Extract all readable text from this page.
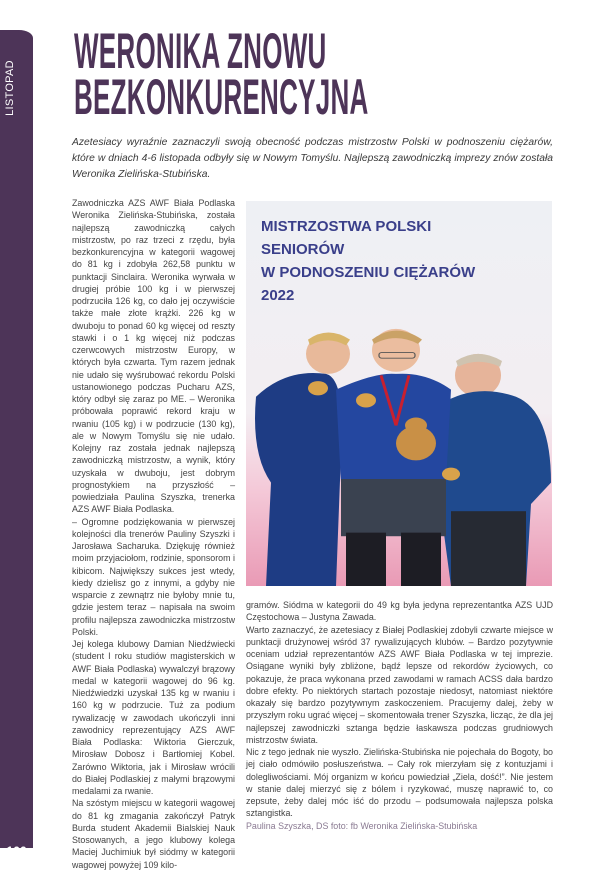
LISTOPAD
166
WERONIKA ZNOWU
BEZKONKURENCYJNA

Azetesiacy wyraźnie zaznaczyli swoją obecność podczas mistrzostw Polski w podnoszeniu ciężarów, które w dniach 4-6 listopada odbyły się w Nowym Tomyślu. Najlepszą zawodniczką imprezy znów została Weronika Zielińska-Stubińska.

Zawodniczka AZS AWF Biała Podlaska Weronika Zielińska-Stubińska, została najlepszą zawodniczką całych mistrzostw, po raz trzeci z rzędu, była bezkonkurencyjna w kategorii wagowej do 81 kg i zdobyła 262,58 punktu w punktacji Sinclaira. Weronika wyrwała w drugiej próbie 100 kg i w pierwszej podrzuciła 126 kg, co dało jej oczywiście także małe złote krążki. 226 kg w dwuboju to ponad 60 kg więcej od reszty stawki i o 1 kg więcej niż podczas czerwcowych mistrzostw Europy, w których była czwarta. Tym razem jednak nie udało się wyśrubować rekordu Polski ustanowionego podczas Pucharu AZS, który odbył się zaraz po ME. – Weronika próbowała poprawić rekord kraju w rwaniu (105 kg) i w podrzucie (130 kg), ale w Nowym Tomyślu się nie udało. Kolejny raz została jednak najlepszą zawodniczką mistrzostw, a wynik, który uzyskała w dwuboju, jest dobrym prognostykiem na przyszłość – powiedziała Paulina Szyszka, trenerka AZS AWF Biała Podlaska.

– Ogromne podziękowania w pierwszej kolejności dla trenerów Pauliny Szyszki i Jarosława Sacharuka. Dziękuję również moim przyjaciołom, rodzinie, sponsorom i kibicom. Największy sukces jest wtedy, kiedy dzielisz go z innymi, a gdyby nie wsparcie z zewnątrz nie byłoby mnie tu, gdzie jestem teraz – napisała na swoim profilu najlepsza zawodniczka mistrzostw Polski.

Jej kolega klubowy Damian Niedźwiecki (student I roku studiów magisterskich w AWF Biała Podlaska) wywalczył brązowy medal w kategorii wagowej do 96 kg. Niedźwiedzki uzyskał 135 kg w rwaniu i 160 kg w podrzucie. Tuż za podium rywalizację w zawodach ukończyli inni zawodnicy reprezentujący AZS AWF Biała Podlaska: Wiktoria Gierczuk, Mirosław Dobosz i Bartłomiej Kobel. Zarówno Wiktoria, jak i Mirosław wrócili do Białej Podlaskiej z małymi brązowymi medalami za rwanie.

Na szóstym miejscu w kategorii wagowej do 81 kg zmagania zakończył Patryk Burda student Akademii Bialskiej Nauk Stosowanych, a jego klubowy kolega Maciej Juchimiuk był siódmy w kategorii wagowej powyżej 109 kilo-

MISTRZOSTWA POLSKI
SENIORÓW
W PODNOSZENIU CIĘŻARÓW
2022

gramów. Siódma w kategorii do 49 kg była jedyna reprezentantka AZS UJD Częstochowa – Justyna Zawada.

Warto zaznaczyć, że azetesiacy z Białej Podlaskiej zdobyli czwarte miejsce w punktacji drużynowej wśród 37 rywalizujących klubów. – Bardzo pozytywnie oceniam udział reprezentantów AZS AWF Biała Podlaska w tej imprezie. Osiągane wyniki były zbliżone, bądź lepsze od rekordów życiowych, co pokazuje, że praca wykonana przed zawodami w ramach ACSS dała bardzo dobre efekty. Po niektórych startach pozostaje niedosyt, natomiast niektóre okazały się bardzo pozytywnym zaskoczeniem. Pracujemy dalej, żeby w przyszłym roku ugrać więcej – skomentowała trener Szyszka, licząc, że dla jej najlepszej zawodniczki sztanga będzie łaskawsza podczas grudniowych mistrzostw świata.

Nic z tego jednak nie wyszło. Zielińska-Stubińska nie pojechała do Bogoty, bo jej ciało odmówiło posłuszeństwa. – Cały rok mierzyłam się z kontuzjami i dolegliwościami. Mój organizm w końcu powiedział „Ziela, dość!”. Nie jestem w stanie dalej mierzyć się z bólem i ryzykować, muszę naprawić to, co zepsute, żeby dalej móc iść do przodu – podsumowała najlepsza polska sztangistka.

Paulina Szyszka, DS foto: fb Weronika Zielińska-Stubińska
